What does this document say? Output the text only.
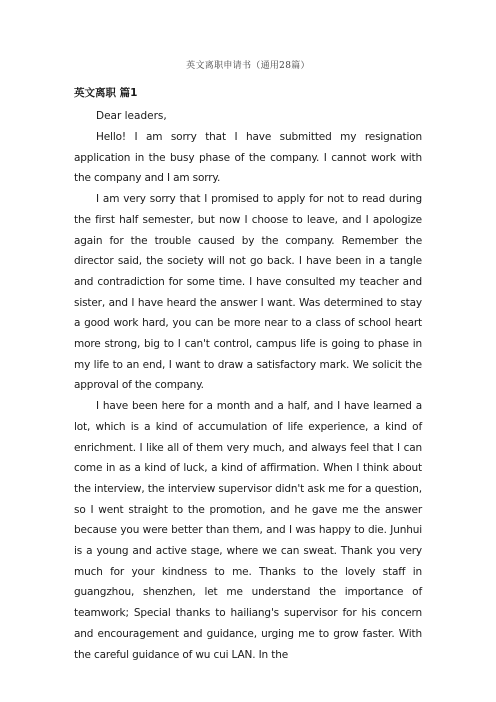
英文离职申请书（通用28篇）
英文离职 篇1

Dear leaders,

Hello! I am sorry that I have submitted my resignation application in the busy phase of the company. I cannot work with the company and I am sorry.

I am very sorry that I promised to apply for not to read during the first half semester, but now I choose to leave, and I apologize again for the trouble caused by the company. Remember the director said, the society will not go back. I have been in a tangle and contradiction for some time. I have consulted my teacher and sister, and I have heard the answer I want. Was determined to stay a good work hard, you can be more near to a class of school heart more strong, big to I can't control, campus life is going to phase in my life to an end, I want to draw a satisfactory mark. We solicit the approval of the company.

I have been here for a month and a half, and I have learned a lot, which is a kind of accumulation of life experience, a kind of enrichment. I like all of them very much, and always feel that I can come in as a kind of luck, a kind of affirmation. When I think about the interview, the interview supervisor didn't ask me for a question, so I went straight to the promotion, and he gave me the answer because you were better than them, and I was happy to die. Junhui is a young and active stage, where we can sweat. Thank you very much for your kindness to me. Thanks to the lovely staff in guangzhou, shenzhen, let me understand the importance of teamwork; Special thanks to hailiang's supervisor for his concern and encouragement and guidance, urging me to grow faster. With the careful guidance of wu cui LAN. In the
